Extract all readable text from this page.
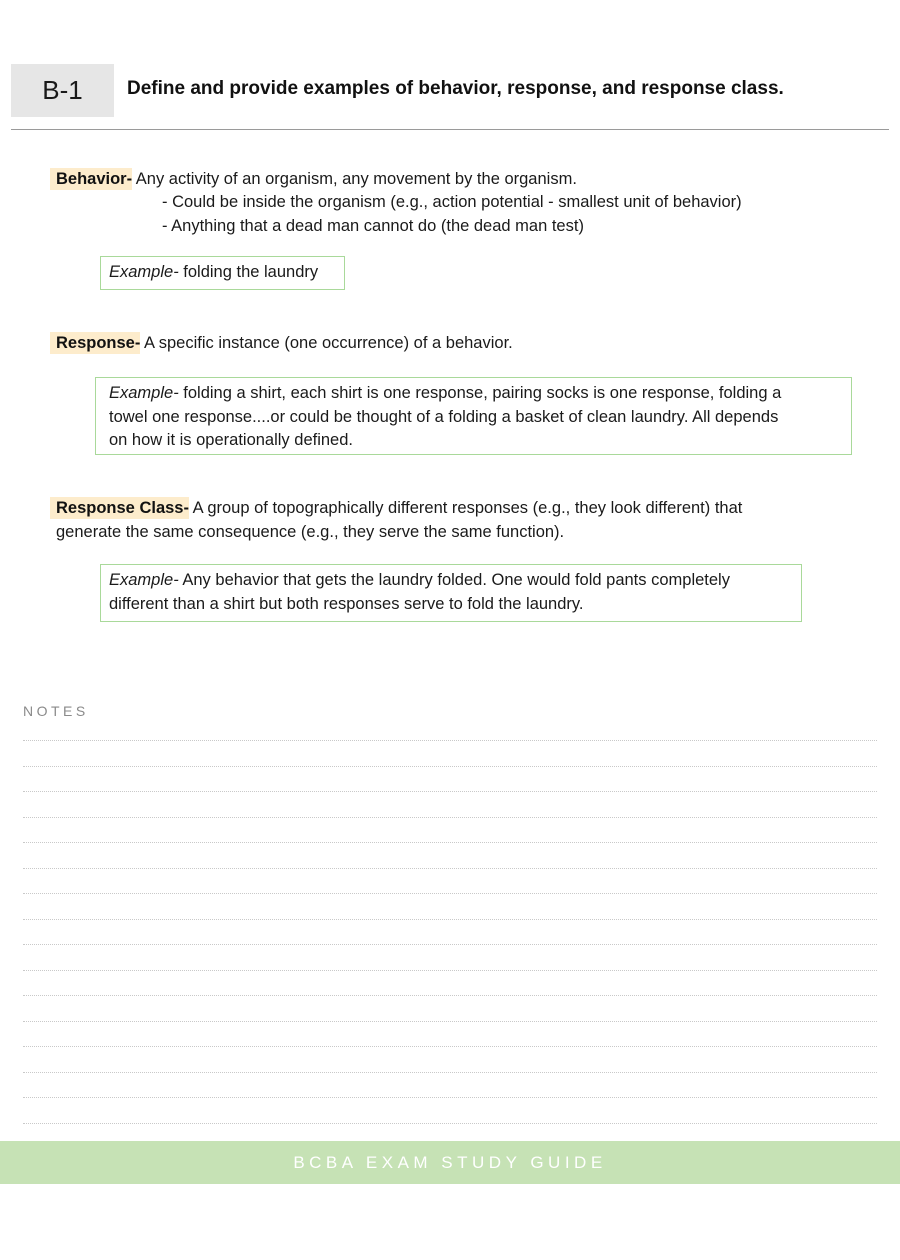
B-1	Define and provide examples of behavior, response, and response class.
Behavior- Any activity of an organism, any movement by the organism.
- Could be inside the organism (e.g., action potential - smallest unit of behavior)
- Anything that a dead man cannot do (the dead man test)
Example- folding the laundry
Response- A specific instance (one occurrence) of a behavior.
Example- folding a shirt, each shirt is one response, pairing socks is one response, folding a
towel one response....or could be thought of a folding a basket of clean laundry. All depends
on how it is operationally defined.
Response Class- A group of topographically different responses (e.g., they look different) that
generate the same consequence (e.g., they serve the same function).
Example- Any behavior that gets the laundry folded. One would fold pants completely
different than a shirt but both responses serve to fold the laundry.
NOTES
BCBA EXAM STUDY GUIDE
